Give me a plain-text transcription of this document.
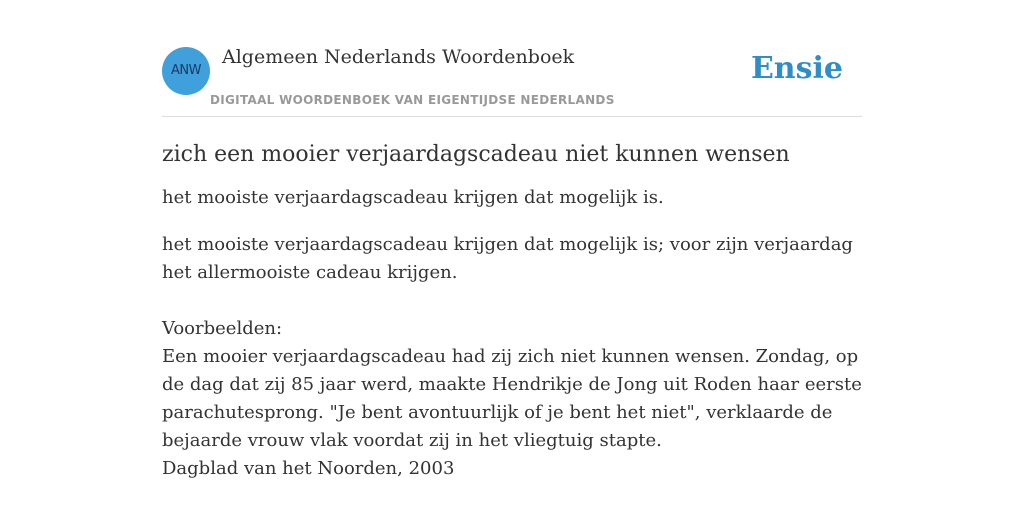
ANW
Algemeen Nederlands Woordenboek
DIGITAAL WOORDENBOEK VAN EIGENTIJDSE NEDERLANDS
Ensie
zich een mooier verjaardagscadeau niet kunnen wensen

het mooiste verjaardagscadeau krijgen dat mogelijk is.

het mooiste verjaardagscadeau krijgen dat mogelijk is; voor zijn verjaardag het allermooiste cadeau krijgen.

Voorbeelden:

Een mooier verjaardagscadeau had zij zich niet kunnen wensen. Zondag, op de dag dat zij 85 jaar werd, maakte Hendrikje de Jong uit Roden haar eerste parachutesprong. "Je bent avontuurlijk of je bent het niet", verklaarde de bejaarde vrouw vlak voordat zij in het vliegtuig stapte.

Dagblad van het Noorden, 2003
